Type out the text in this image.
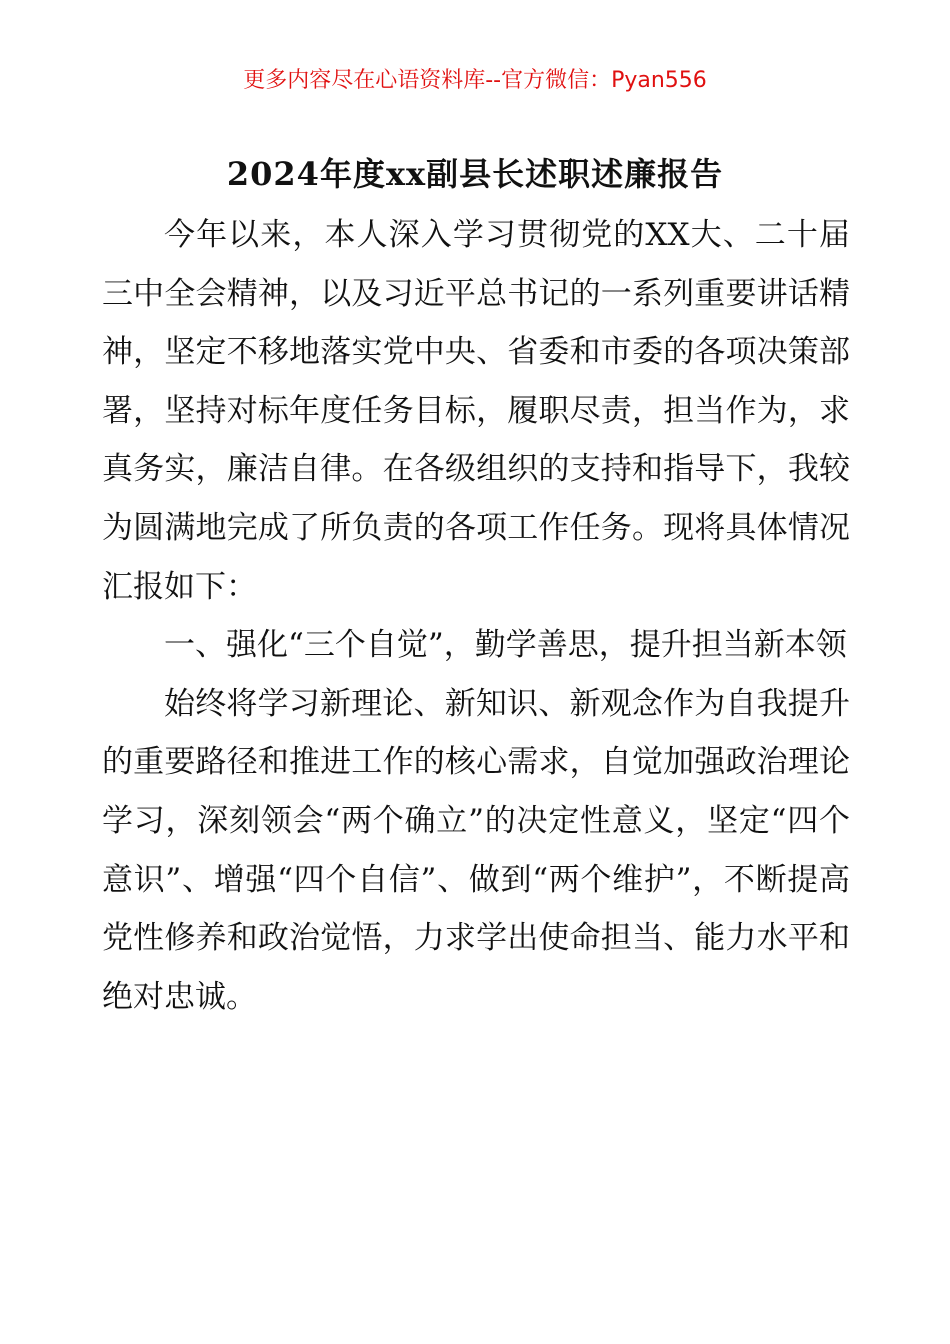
更多内容尽在心语资料库--官方微信：Pyan556
2024年度xx副县长述职述廉报告

今年以来，本人深入学习贯彻党的XX大、二十届三中全会精神，以及习近平总书记的一系列重要讲话精神，坚定不移地落实党中央、省委和市委的各项决策部署，坚持对标年度任务目标，履职尽责，担当作为，求真务实，廉洁自律。在各级组织的支持和指导下，我较为圆满地完成了所负责的各项工作任务。现将具体情况汇报如下：

一、强化“三个自觉”，勤学善思，提升担当新本领

始终将学习新理论、新知识、新观念作为自我提升的重要路径和推进工作的核心需求，自觉加强政治理论学习，深刻领会“两个确立”的决定性意义，坚定“四个意识”、增强“四个自信”、做到“两个维护”，不断提高党性修养和政治觉悟，力求学出使命担当、能力水平和绝对忠诚。
